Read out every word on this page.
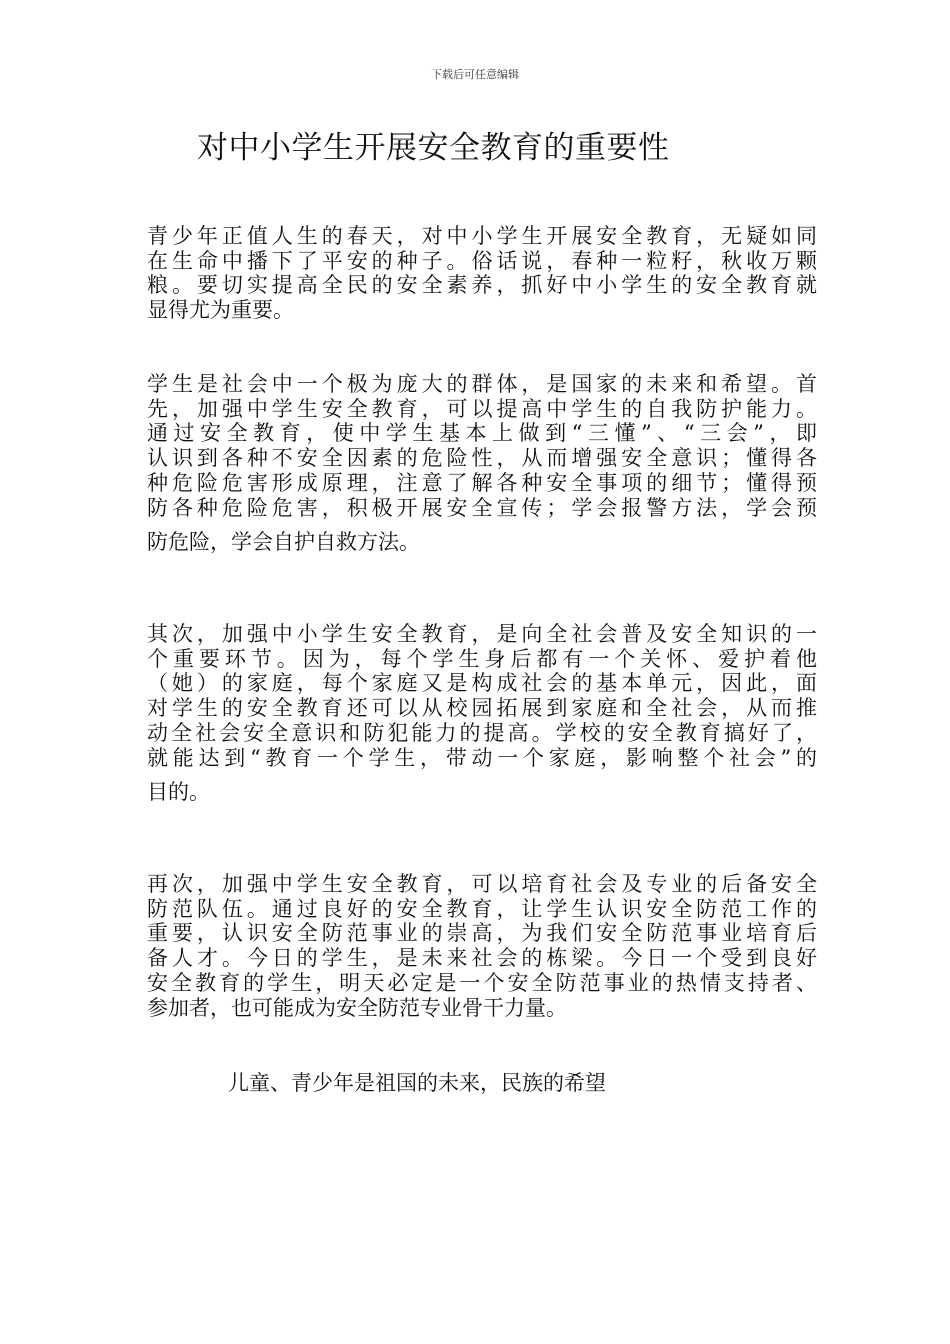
下载后可任意编辑
对中小学生开展安全教育的重要性
青少年正值人生的春天，对中小学生开展安全教育，无疑如同
在生命中播下了平安的种子。俗话说，春种一粒籽，秋收万颗
粮。要切实提高全民的安全素养，抓好中小学生的安全教育就
显得尤为重要。
学生是社会中一个极为庞大的群体，是国家的未来和希望。首
先，加强中学生安全教育，可以提高中学生的自我防护能力。
通过安全教育，使中学生基本上做到“三懂”、“三会”，即
认识到各种不安全因素的危险性，从而增强安全意识；懂得各
种危险危害形成原理，注意了解各种安全事项的细节；懂得预
防各种危险危害，积极开展安全宣传；学会报警方法，学会预
防危险，学会自护自救方法。
其次，加强中小学生安全教育，是向全社会普及安全知识的一
个重要环节。因为，每个学生身后都有一个关怀、爱护着他
（她）的家庭，每个家庭又是构成社会的基本单元，因此，面
对学生的安全教育还可以从校园拓展到家庭和全社会，从而推
动全社会安全意识和防犯能力的提高。学校的安全教育搞好了，
就能达到“教育一个学生，带动一个家庭，影响整个社会”的
目的。
再次，加强中学生安全教育，可以培育社会及专业的后备安全
防范队伍。通过良好的安全教育，让学生认识安全防范工作的
重要，认识安全防范事业的崇高，为我们安全防范事业培育后
备人才。今日的学生，是未来社会的栋梁。今日一个受到良好
安全教育的学生，明天必定是一个安全防范事业的热情支持者、
参加者，也可能成为安全防范专业骨干力量。
儿童、青少年是祖国的未来，民族的希望
